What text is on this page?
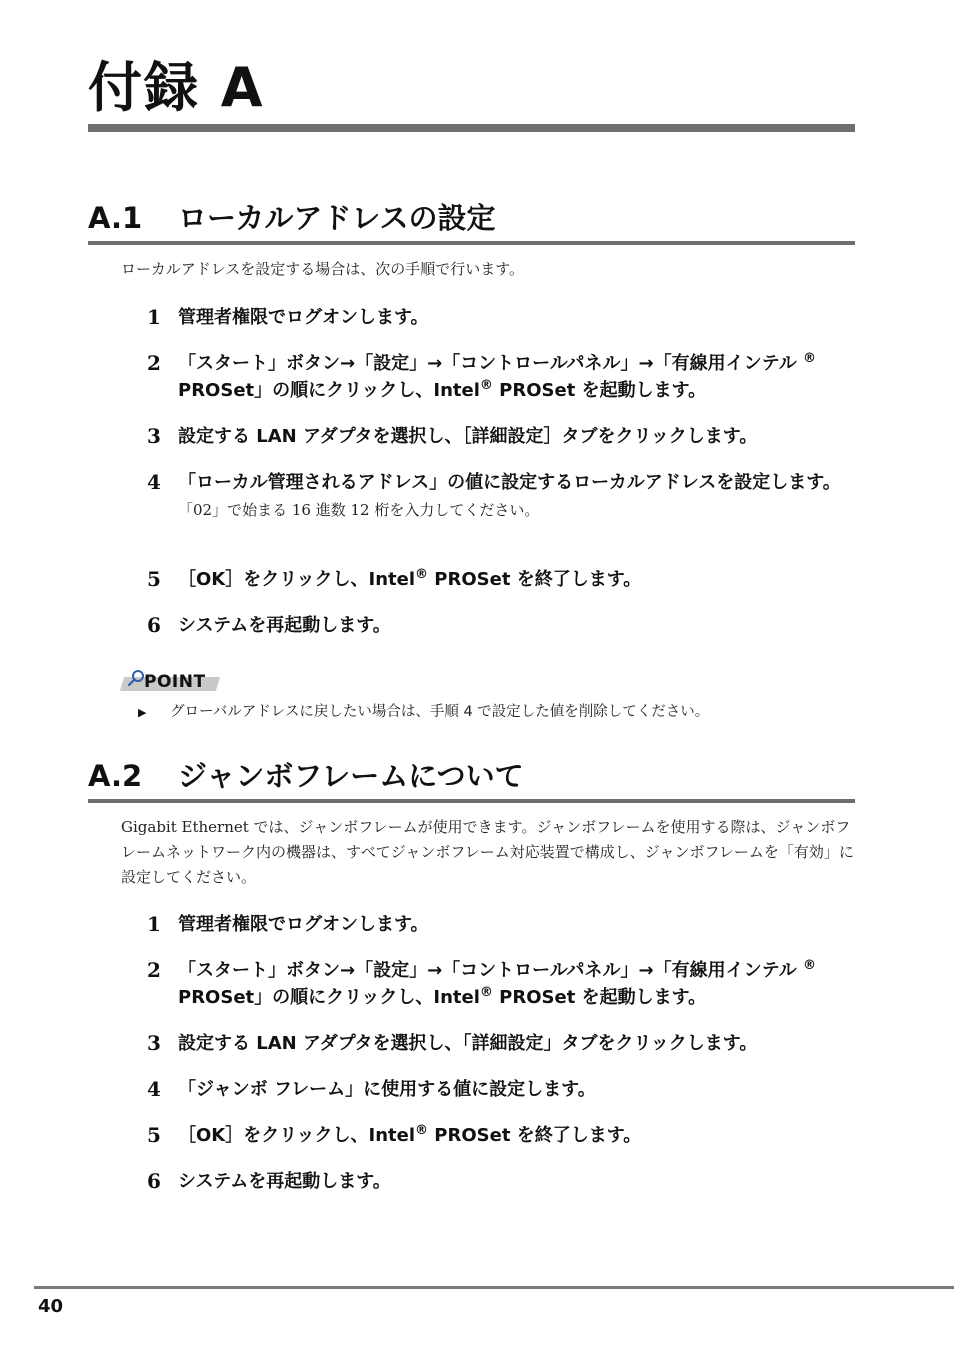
付録 A
A.1 ローカルアドレスの設定

ローカルアドレスを設定する場合は、次の手順で行います。

1 管理者権限でログオンします。
2 「スタート」ボタン→「設定」→「コントロールパネル」→「有線用インテル ® PROSet」の順にクリックし、Intel® PROSet を起動します。
3 設定する LAN アダプタを選択し、［詳細設定］タブをクリックします。
4 「ローカル管理されるアドレス」の値に設定するローカルアドレスを設定します。
「02」で始まる 16 進数 12 桁を入力してください。
5 ［OK］をクリックし、Intel® PROSet を終了します。
6 システムを再起動します。
POINT
▶ グローバルアドレスに戻したい場合は、手順 4 で設定した値を削除してください。

A.2 ジャンボフレームについて

Gigabit Ethernet では、ジャンボフレームが使用できます。ジャンボフレームを使用する際は、ジャンボフレームネットワーク内の機器は、すべてジャンボフレーム対応装置で構成し、ジャンボフレームを「有効」に設定してください。

1 管理者権限でログオンします。
2 「スタート」ボタン→「設定」→「コントロールパネル」→「有線用インテル ® PROSet」の順にクリックし、Intel® PROSet を起動します。
3 設定する LAN アダプタを選択し、「詳細設定」タブをクリックします。
4 「ジャンボ フレーム」に使用する値に設定します。
5 ［OK］をクリックし、Intel® PROSet を終了します。
6 システムを再起動します。
40
